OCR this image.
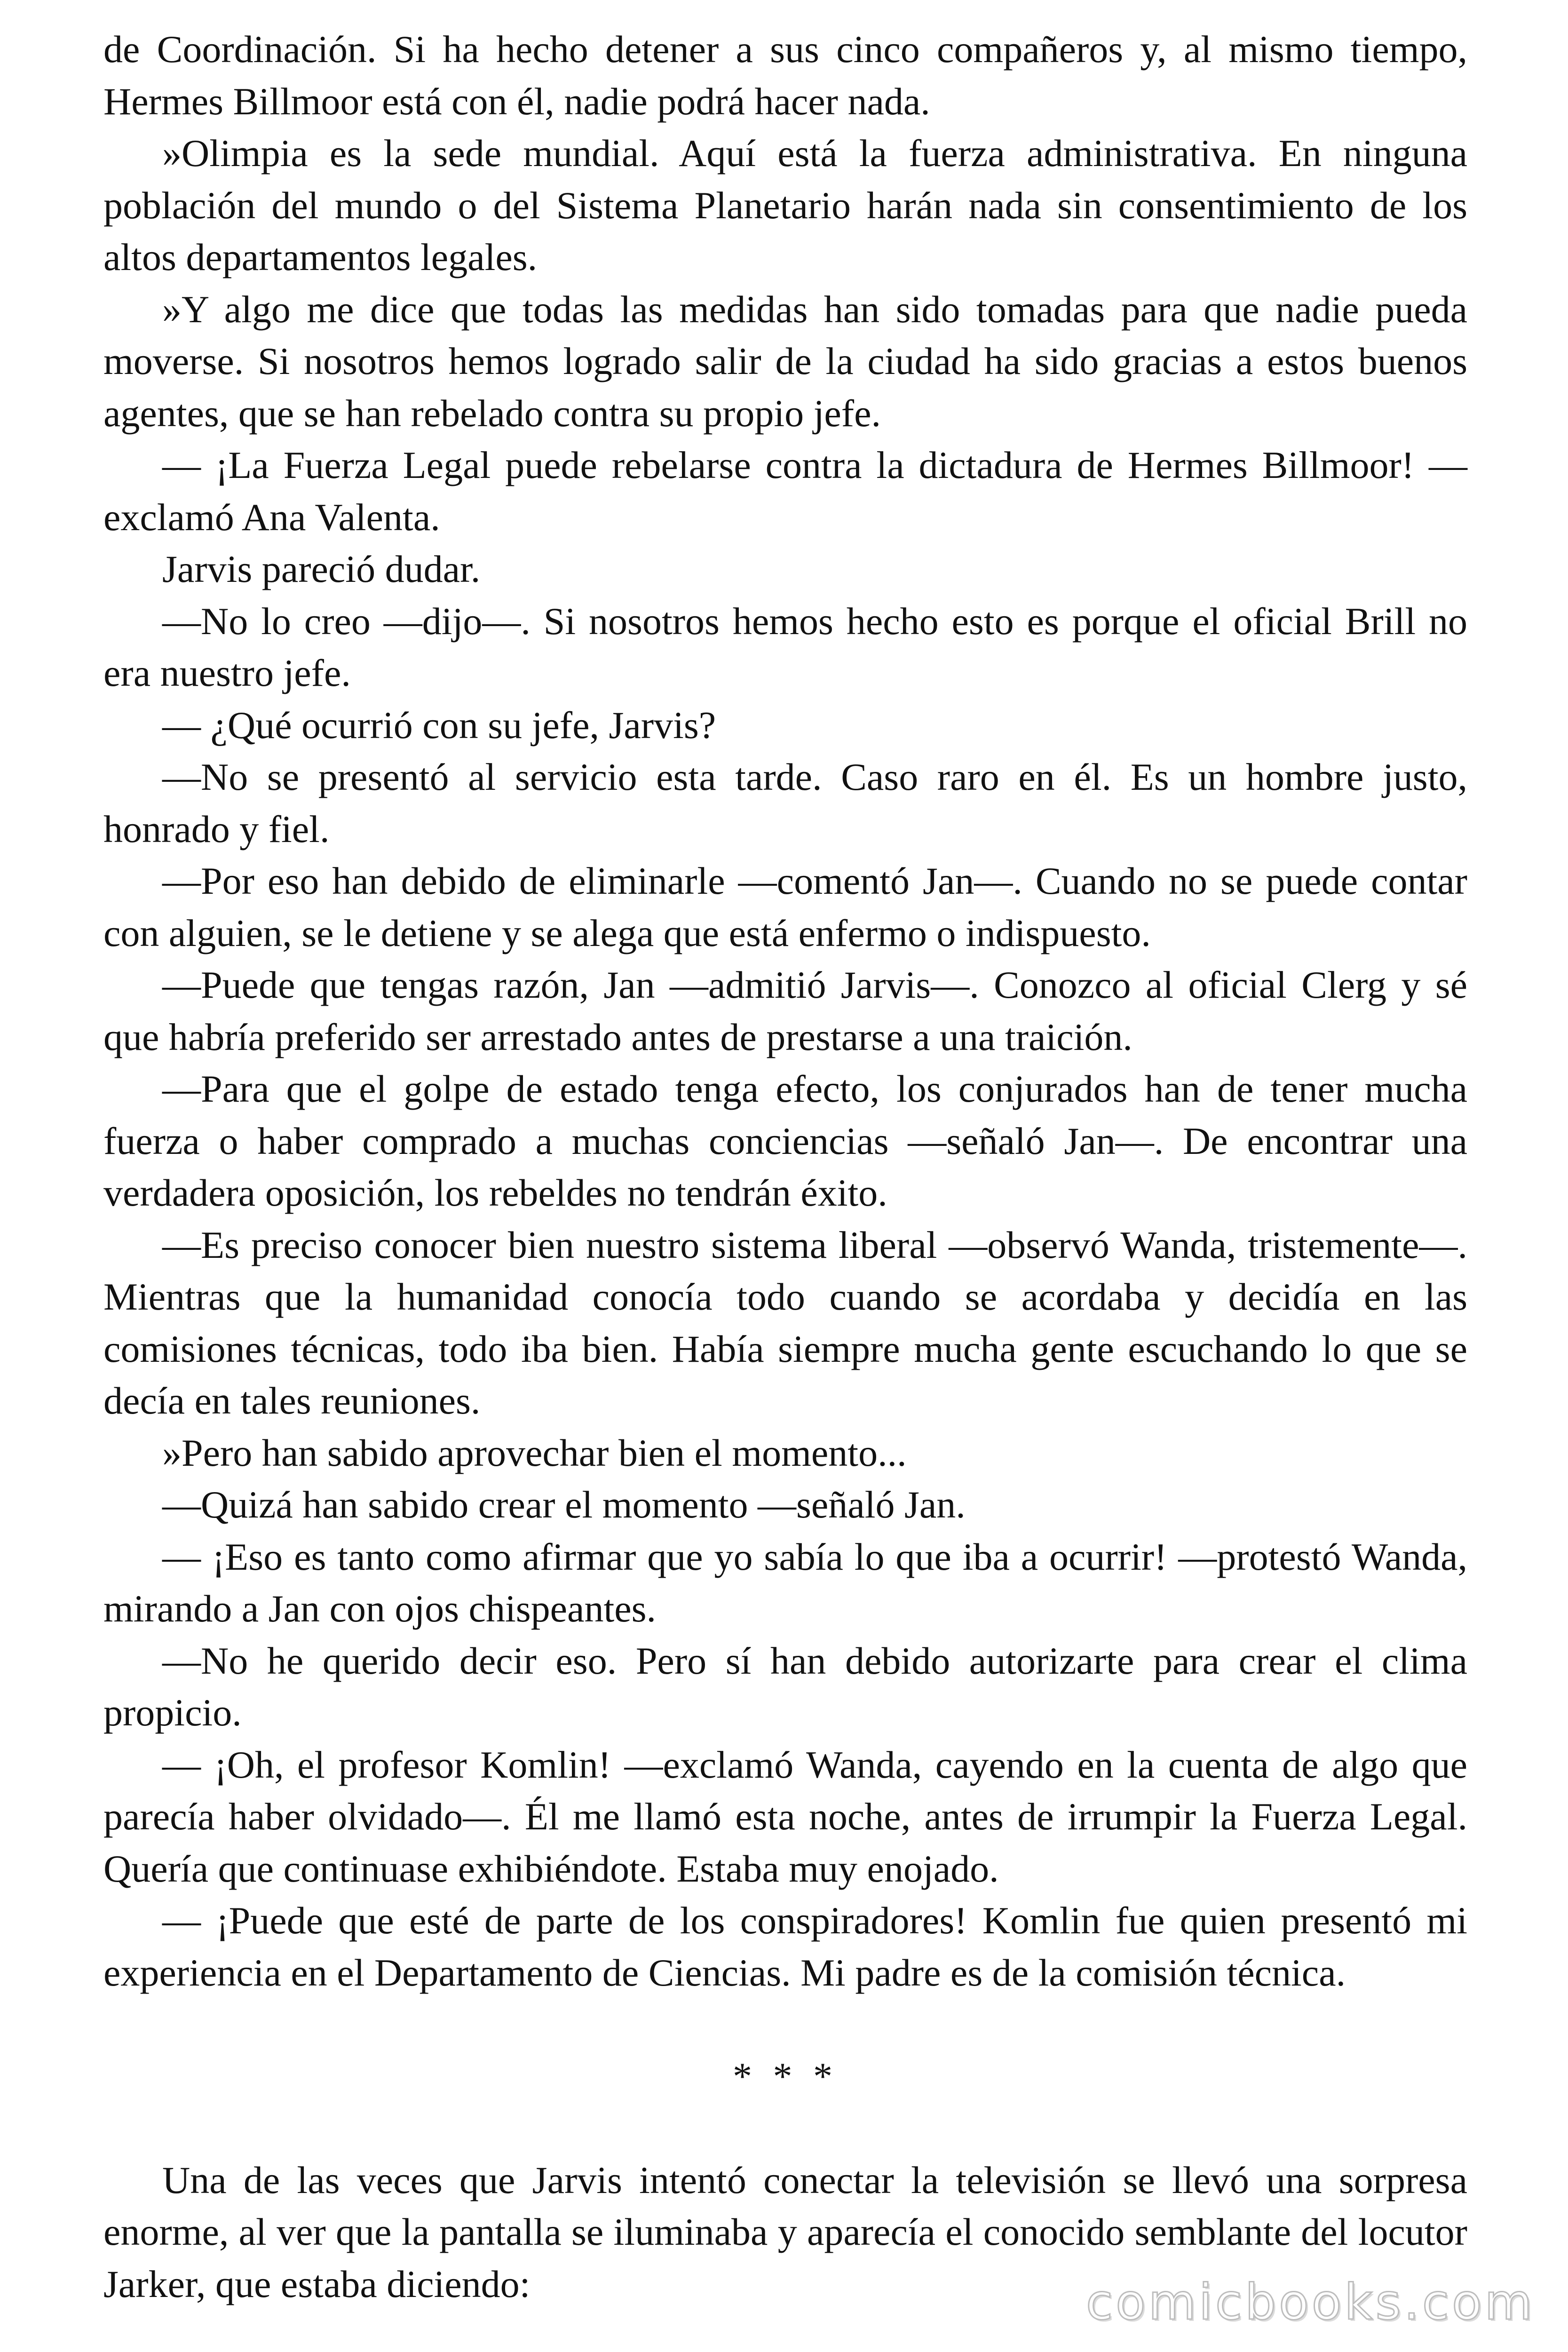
de Coordinación. Si ha hecho detener a sus cinco compañeros y, al mismo tiempo, Hermes Billmoor está con él, nadie podrá hacer nada.

»Olimpia es la sede mundial. Aquí está la fuerza administrativa. En ninguna población del mundo o del Sistema Planetario harán nada sin consentimiento de los altos departamentos legales.

»Y algo me dice que todas las medidas han sido tomadas para que nadie pueda moverse. Si nosotros hemos logrado salir de la ciudad ha sido gracias a estos buenos agentes, que se han rebelado contra su propio jefe.

— ¡La Fuerza Legal puede rebelarse contra la dictadura de Hermes Billmoor! —exclamó Ana Valenta.

Jarvis pareció dudar.

—No lo creo —dijo—. Si nosotros hemos hecho esto es porque el oficial Brill no era nuestro jefe.

— ¿Qué ocurrió con su jefe, Jarvis?

—No se presentó al servicio esta tarde. Caso raro en él. Es un hombre justo, honrado y fiel.

—Por eso han debido de eliminarle —comentó Jan—. Cuando no se puede contar con alguien, se le detiene y se alega que está enfermo o indispuesto.

—Puede que tengas razón, Jan —admitió Jarvis—. Conozco al oficial Clerg y sé que habría preferido ser arrestado antes de prestarse a una traición.

—Para que el golpe de estado tenga efecto, los conjurados han de tener mucha fuerza o haber comprado a muchas conciencias —señaló Jan—. De encontrar una verdadera oposición, los rebeldes no tendrán éxito.

—Es preciso conocer bien nuestro sistema liberal —observó Wanda, tristemente—. Mientras que la humanidad conocía todo cuando se acordaba y decidía en las comisiones técnicas, todo iba bien. Había siempre mucha gente escuchando lo que se decía en tales reuniones.

»Pero han sabido aprovechar bien el momento...

—Quizá han sabido crear el momento —señaló Jan.

— ¡Eso es tanto como afirmar que yo sabía lo que iba a ocurrir! —protestó Wanda, mirando a Jan con ojos chispeantes.

—No he querido decir eso. Pero sí han debido autorizarte para crear el clima propicio.

— ¡Oh, el profesor Komlin! —exclamó Wanda, cayendo en la cuenta de algo que parecía haber olvidado—. Él me llamó esta noche, antes de irrumpir la Fuerza Legal. Quería que continuase exhibiéndote. Estaba muy enojado.

— ¡Puede que esté de parte de los conspiradores! Komlin fue quien presentó mi experiencia en el Departamento de Ciencias. Mi padre es de la comisión técnica.

* * *

Una de las veces que Jarvis intentó conectar la televisión se llevó una sorpresa enorme, al ver que la pantalla se iluminaba y aparecía el conocido semblante del locutor Jarker, que estaba diciendo:	comicbooks.com
